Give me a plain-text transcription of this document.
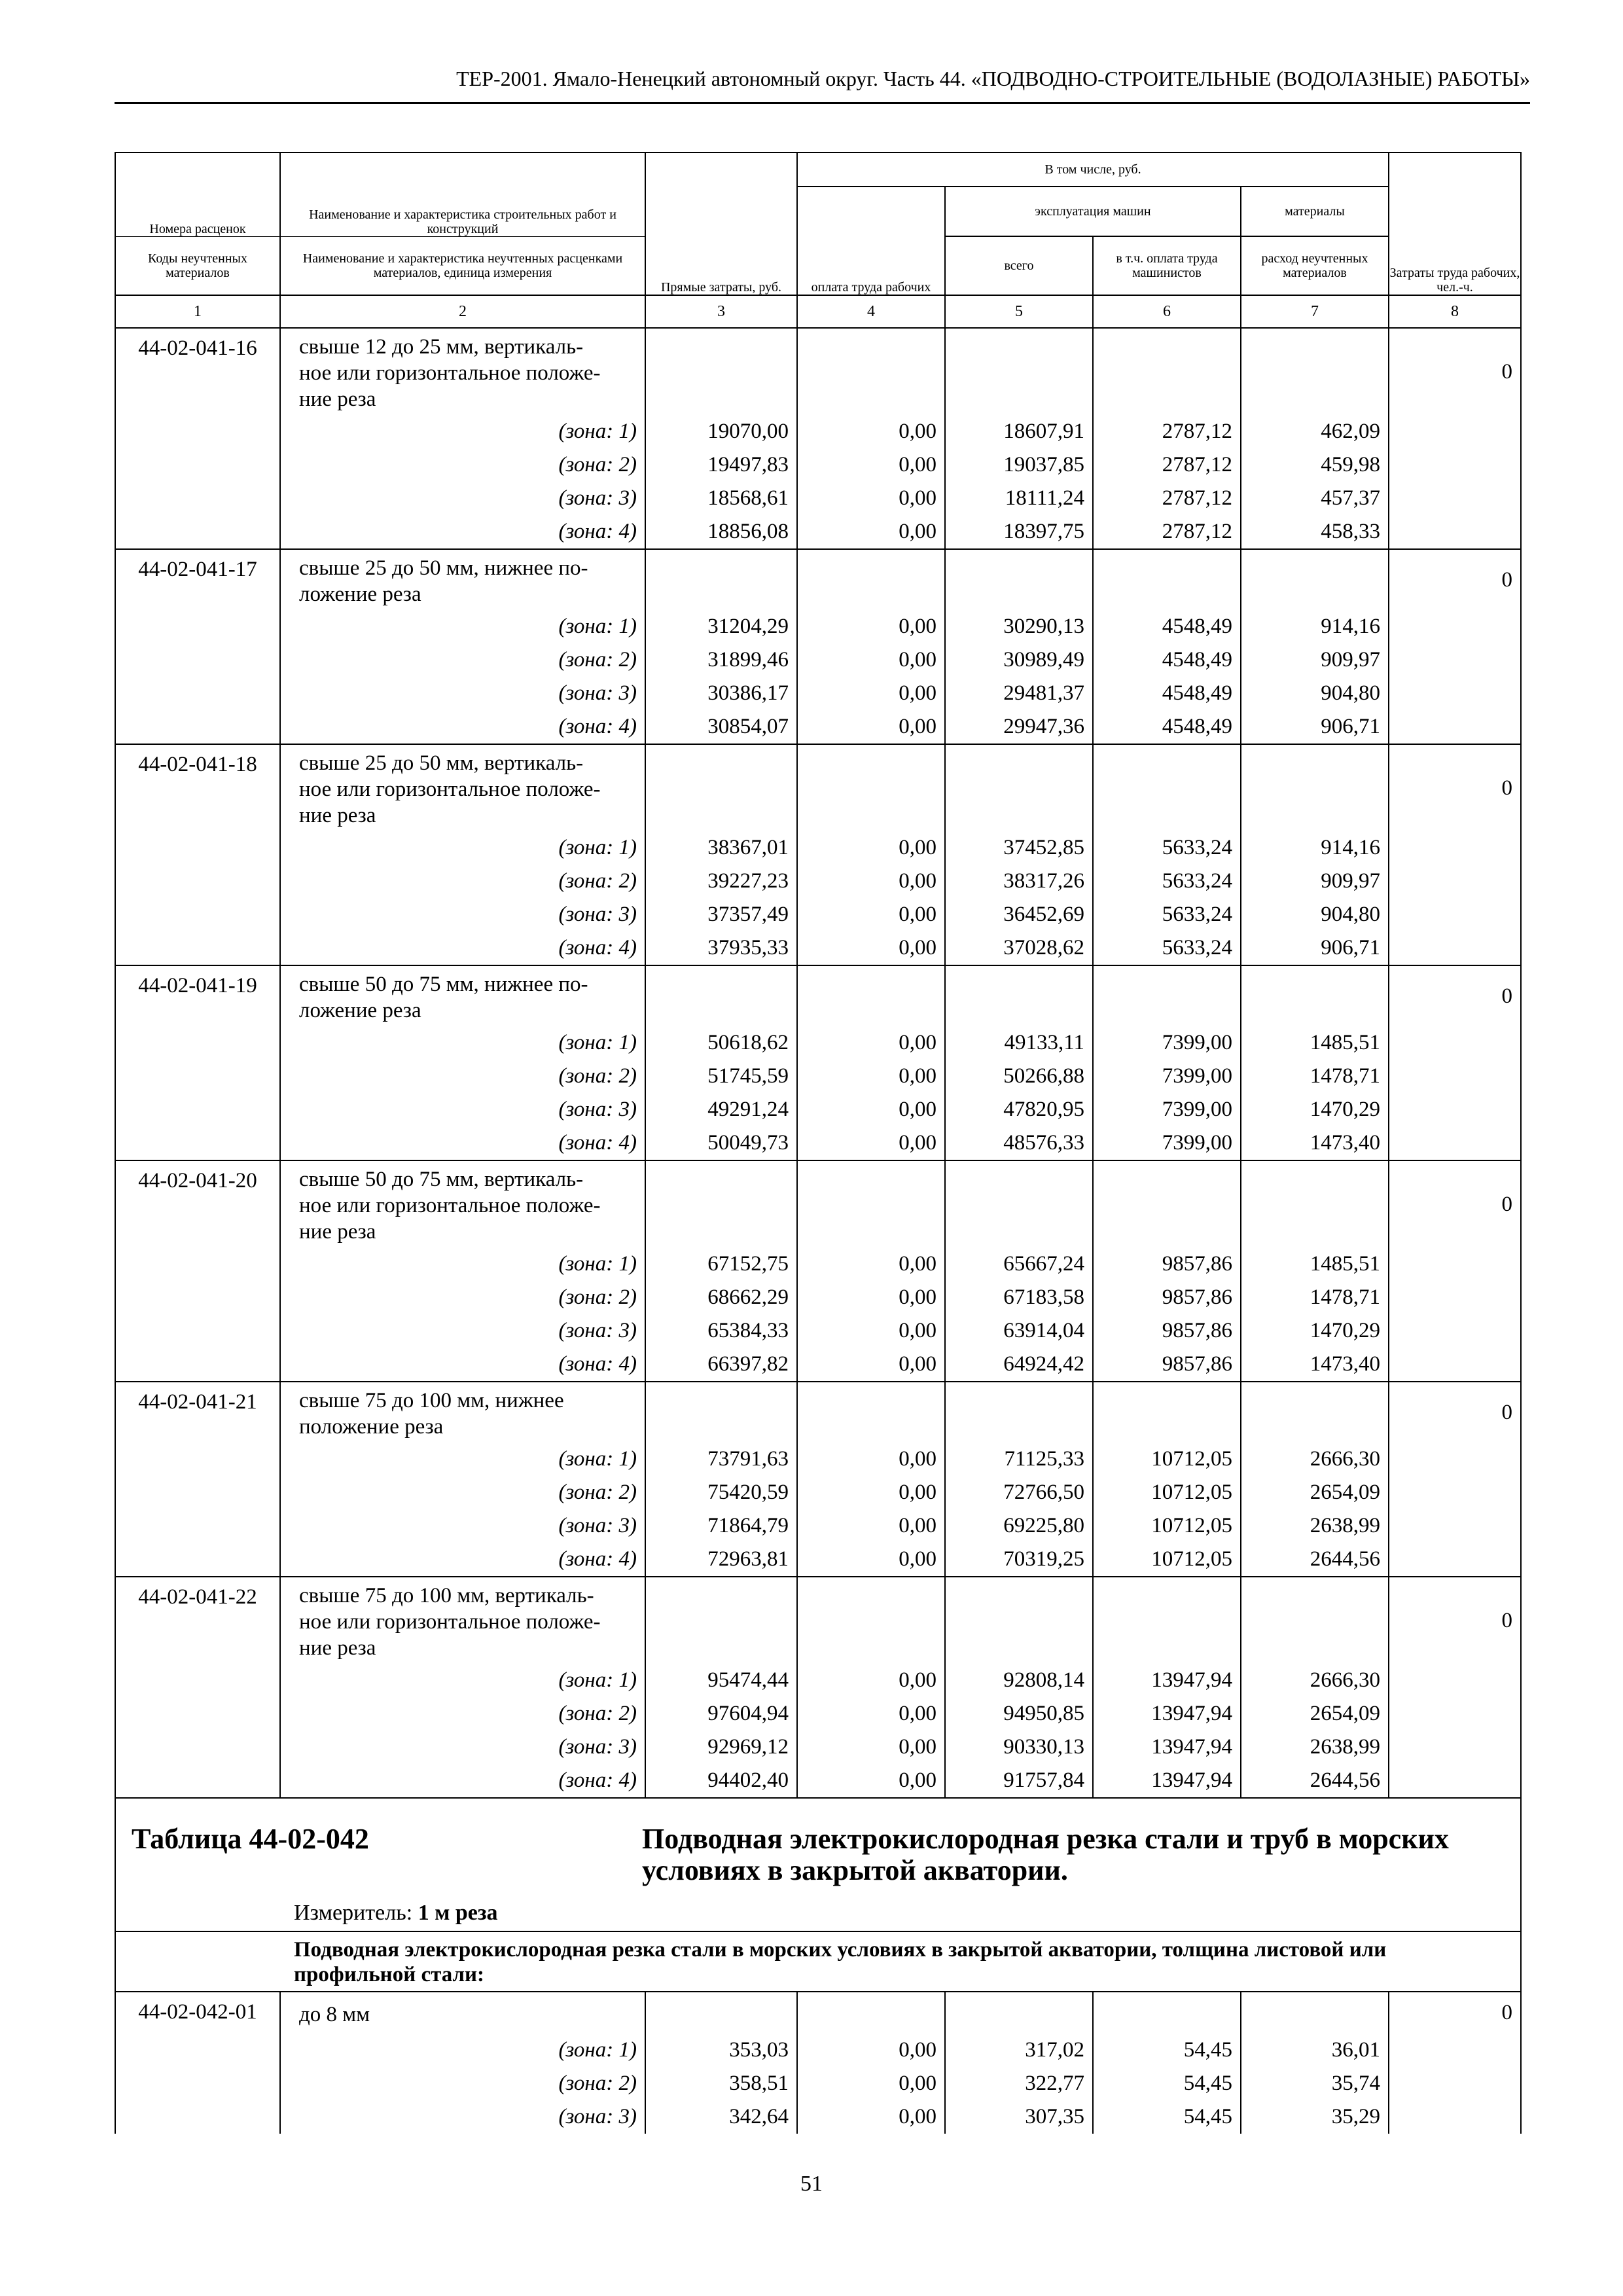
ТЕР-2001. Ямало-Ненецкий автономный округ. Часть 44. «ПОДВОДНО-СТРОИТЕЛЬНЫЕ (ВОДОЛАЗНЫЕ) РАБОТЫ»
Номера расценок	Наименование и характеристика строительных работ и конструкций	Прямые затраты, руб.	В том числе, руб.				Затраты труда рабочих, чел.-ч.
			оплата труда рабочих	эксплуатация машин		материалы	

Коды неучтенных материалов	Наименование и характеристика неучтенных расценками материалов, единица измерения			всего	в т.ч. оплата труда машинистов	расход неучтенных материалов	
1	2	3	4	5	6	7	8
44-02-041-16	свыше 12 до 25 мм, вертикаль-
ное или горизонтальное положе-
ние реза						0
	(зона: 1)	19070,00	0,00	18607,91	2787,12	462,09	
	(зона: 2)	19497,83	0,00	19037,85	2787,12	459,98	
	(зона: 3)	18568,61	0,00	18111,24	2787,12	457,37	
	(зона: 4)	18856,08	0,00	18397,75	2787,12	458,33	
44-02-041-17	свыше 25 до 50 мм, нижнее по-
ложение реза						0
	(зона: 1)	31204,29	0,00	30290,13	4548,49	914,16	
	(зона: 2)	31899,46	0,00	30989,49	4548,49	909,97	
	(зона: 3)	30386,17	0,00	29481,37	4548,49	904,80	
	(зона: 4)	30854,07	0,00	29947,36	4548,49	906,71	
44-02-041-18	свыше 25 до 50 мм, вертикаль-
ное или горизонтальное положе-
ние реза						0
	(зона: 1)	38367,01	0,00	37452,85	5633,24	914,16	
	(зона: 2)	39227,23	0,00	38317,26	5633,24	909,97	
	(зона: 3)	37357,49	0,00	36452,69	5633,24	904,80	
	(зона: 4)	37935,33	0,00	37028,62	5633,24	906,71	
44-02-041-19	свыше 50 до 75 мм, нижнее по-
ложение реза						0
	(зона: 1)	50618,62	0,00	49133,11	7399,00	1485,51	
	(зона: 2)	51745,59	0,00	50266,88	7399,00	1478,71	
	(зона: 3)	49291,24	0,00	47820,95	7399,00	1470,29	
	(зона: 4)	50049,73	0,00	48576,33	7399,00	1473,40	
44-02-041-20	свыше 50 до 75 мм, вертикаль-
ное или горизонтальное положе-
ние реза						0
	(зона: 1)	67152,75	0,00	65667,24	9857,86	1485,51	
	(зона: 2)	68662,29	0,00	67183,58	9857,86	1478,71	
	(зона: 3)	65384,33	0,00	63914,04	9857,86	1470,29	
	(зона: 4)	66397,82	0,00	64924,42	9857,86	1473,40	
44-02-041-21	свыше 75 до 100 мм, нижнее
положение реза						0
	(зона: 1)	73791,63	0,00	71125,33	10712,05	2666,30	
	(зона: 2)	75420,59	0,00	72766,50	10712,05	2654,09	
	(зона: 3)	71864,79	0,00	69225,80	10712,05	2638,99	
	(зона: 4)	72963,81	0,00	70319,25	10712,05	2644,56	
44-02-041-22	свыше 75 до 100 мм, вертикаль-
ное или горизонтальное положе-
ние реза						0
	(зона: 1)	95474,44	0,00	92808,14	13947,94	2666,30	
	(зона: 2)	97604,94	0,00	94950,85	13947,94	2654,09	
	(зона: 3)	92969,12	0,00	90330,13	13947,94	2638,99	
	(зона: 4)	94402,40	0,00	91757,84	13947,94	2644,56	

Таблица 44-02-042 Подводная электрокислородная резка стали и труб в морских условиях в закрытой акватории.
Измеритель: 1 м реза							

Подводная электрокислородная резка стали в морских условиях в закрытой акватории, толщина листовой или профильной стали:							
44-02-042-01	до 8 мм						0
	(зона: 1)	353,03	0,00	317,02	54,45	36,01	
	(зона: 2)	358,51	0,00	322,77	54,45	35,74	
	(зона: 3)	342,64	0,00	307,35	54,45	35,29	
51
